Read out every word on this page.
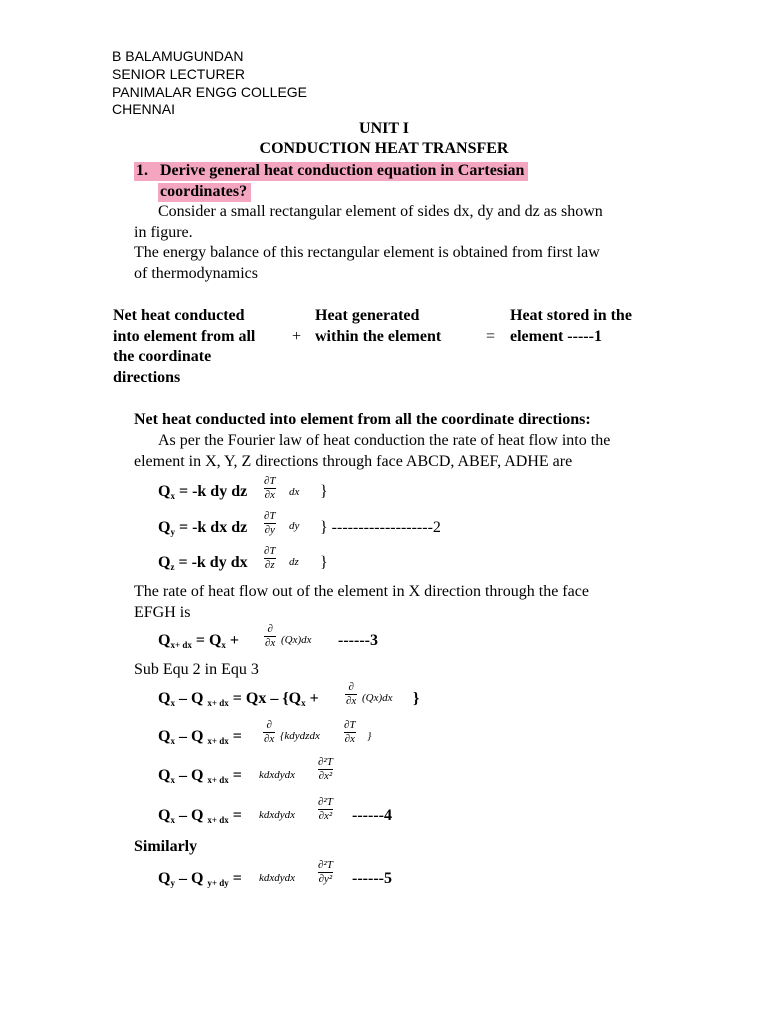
B BALAMUGUNDAN
SENIOR LECTURER
PANIMALAR ENGG COLLEGE
CHENNAI
UNIT I
CONDUCTION HEAT TRANSFER
1. Derive general heat conduction equation in Cartesian
coordinates?
Consider a small rectangular element of sides dx, dy and dz as shown
in figure.
The energy balance of this rectangular element is obtained from first law
of thermodynamics
Net heat conducted
into element from all
the coordinate
directions
+
Heat generated
within the element	=
Heat stored in the
element -----1
Net heat conducted into element from all the coordinate directions:
As per the Fourier law of heat conduction the rate of heat flow into the
element in X, Y, Z directions through face ABCD, ABEF, ADHE are
$Q_x = -k$ dy dz $\frac{\partial T}{\partial x}$ dx }
$Q_y = -k$ dx dz $\frac{\partial T}{\partial y}$ dy } -------------------2
$Q_z = -k$ dy dx $\frac{\partial T}{\partial z}$ dz }
The rate of heat flow out of the element in X direction through the face
EFGH is
$Q_{x+ dx} = Q_x$ +
∂
∂x (Qx)dx ------3
Sub Equ 2 in Equ 3
$Q_x$ – Q $_{x+ dx} = Qx - \{Q_x$ +
∂
∂x (Qx)dx }
$Q_x$ – Q $_{x+ dx}$ =
∂
∂x {kdydzdx $\frac{\partial T}{\partial x}$ }
$Q_x$ – Q $_{x+ dx}$ = kdxdydx $\frac{\text{∂²T}}{\text{∂x²}}$
$Q_x$ – Q $_{x+ dx}$ = kdxdydx $\frac{\text{∂²T}}{\text{∂x²}} ------4$
Similarly
$Q_y$ – Q $_{y+ dy}$ = kdxdydx $\frac{\text{∂²T}}{\text{∂y²}} ------5$
